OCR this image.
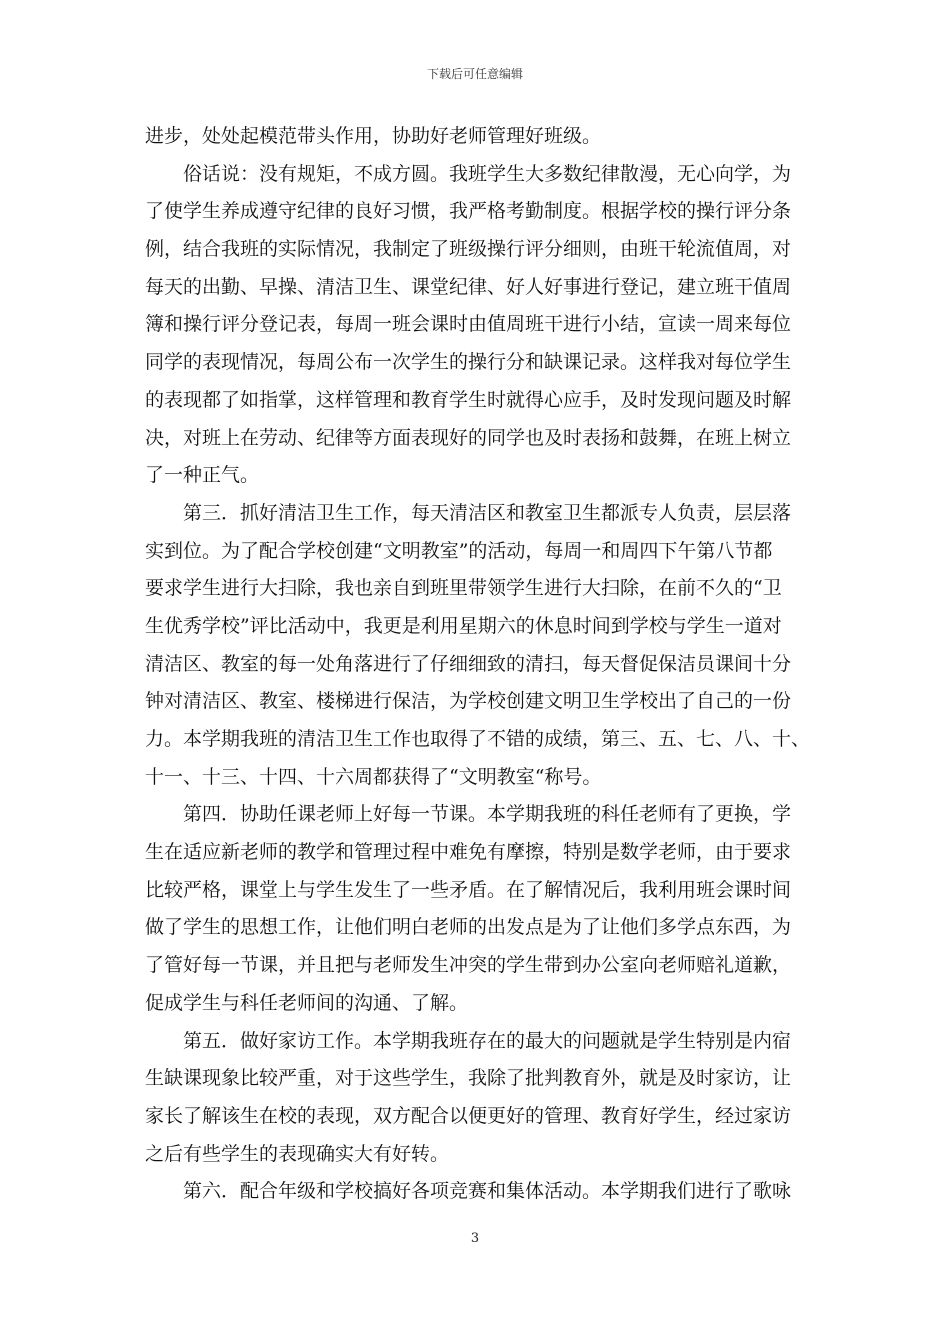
下载后可任意编辑
进步，处处起模范带头作用，协助好老师管理好班级。
俗话说：没有规矩，不成方圆。我班学生大多数纪律散漫，无心向学，为
了使学生养成遵守纪律的良好习惯，我严格考勤制度。根据学校的操行评分条
例，结合我班的实际情况，我制定了班级操行评分细则，由班干轮流值周，对
每天的出勤、早操、清洁卫生、课堂纪律、好人好事进行登记，建立班干值周
簿和操行评分登记表，每周一班会课时由值周班干进行小结，宣读一周来每位
同学的表现情况，每周公布一次学生的操行分和缺课记录。这样我对每位学生
的表现都了如指掌，这样管理和教育学生时就得心应手，及时发现问题及时解
决，对班上在劳动、纪律等方面表现好的同学也及时表扬和鼓舞，在班上树立
了一种正气。
第三．抓好清洁卫生工作，每天清洁区和教室卫生都派专人负责，层层落
实到位。为了配合学校创建“文明教室”的活动，每周一和周四下午第八节都
要求学生进行大扫除，我也亲自到班里带领学生进行大扫除，在前不久的“卫
生优秀学校”评比活动中，我更是利用星期六的休息时间到学校与学生一道对
清洁区、教室的每一处角落进行了仔细细致的清扫，每天督促保洁员课间十分
钟对清洁区、教室、楼梯进行保洁，为学校创建文明卫生学校出了自己的一份
力。本学期我班的清洁卫生工作也取得了不错的成绩，第三、五、七、八、十、
十一、十三、十四、十六周都获得了“文明教室“称号。
第四．协助任课老师上好每一节课。本学期我班的科任老师有了更换，学
生在适应新老师的教学和管理过程中难免有摩擦，特别是数学老师，由于要求
比较严格，课堂上与学生发生了一些矛盾。在了解情况后，我利用班会课时间
做了学生的思想工作，让他们明白老师的出发点是为了让他们多学点东西，为
了管好每一节课，并且把与老师发生冲突的学生带到办公室向老师赔礼道歉，
促成学生与科任老师间的沟通、了解。
第五．做好家访工作。本学期我班存在的最大的问题就是学生特别是内宿
生缺课现象比较严重，对于这些学生，我除了批判教育外，就是及时家访，让
家长了解该生在校的表现，双方配合以便更好的管理、教育好学生，经过家访
之后有些学生的表现确实大有好转。
第六．配合年级和学校搞好各项竞赛和集体活动。本学期我们进行了歌咏
3
